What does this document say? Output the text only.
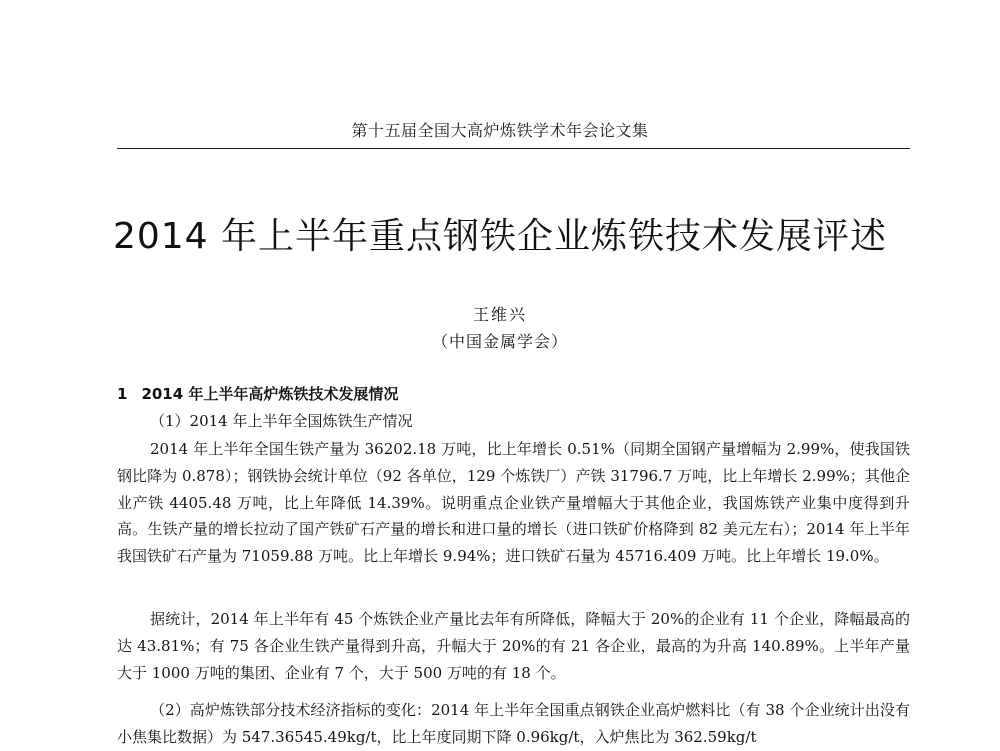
第十五届全国大高炉炼铁学术年会论文集
2014 年上半年重点钢铁企业炼铁技术发展评述
王维兴
（中国金属学会）
1 2014 年上半年高炉炼铁技术发展情况
（1）2014 年上半年全国炼铁生产情况

2014 年上半年全国生铁产量为 36202.18 万吨，比上年增长 0.51%（同期全国钢产量增幅为 2.99%，使我国铁钢比降为 0.878）；钢铁协会统计单位（92 各单位，129 个炼铁厂）产铁 31796.7 万吨，比上年增长 2.99%；其他企业产铁 4405.48 万吨，比上年降低 14.39%。说明重点企业铁产量增幅大于其他企业，我国炼铁产业集中度得到升高。生铁产量的增长拉动了国产铁矿石产量的增长和进口量的增长（进口铁矿价格降到 82 美元左右）；2014 年上半年我国铁矿石产量为 71059.88 万吨。比上年增长 9.94%；进口铁矿石量为 45716.409 万吨。比上年增长 19.0%。

据统计，2014 年上半年有 45 个炼铁企业产量比去年有所降低，降幅大于 20%的企业有 11 个企业，降幅最高的达 43.81%；有 75 各企业生铁产量得到升高，升幅大于 20%的有 21 各企业，最高的为升高 140.89%。上半年产量大于 1000 万吨的集团、企业有 7 个，大于 500 万吨的有 18 个。

（2）高炉炼铁部分技术经济指标的变化：2014 年上半年全国重点钢铁企业高炉燃料比（有 38 个企业统计出没有小焦集比数据）为 547.36545.49kg/t，比上年度同期下降 0.96kg/t，入炉焦比为 362.59kg/t
